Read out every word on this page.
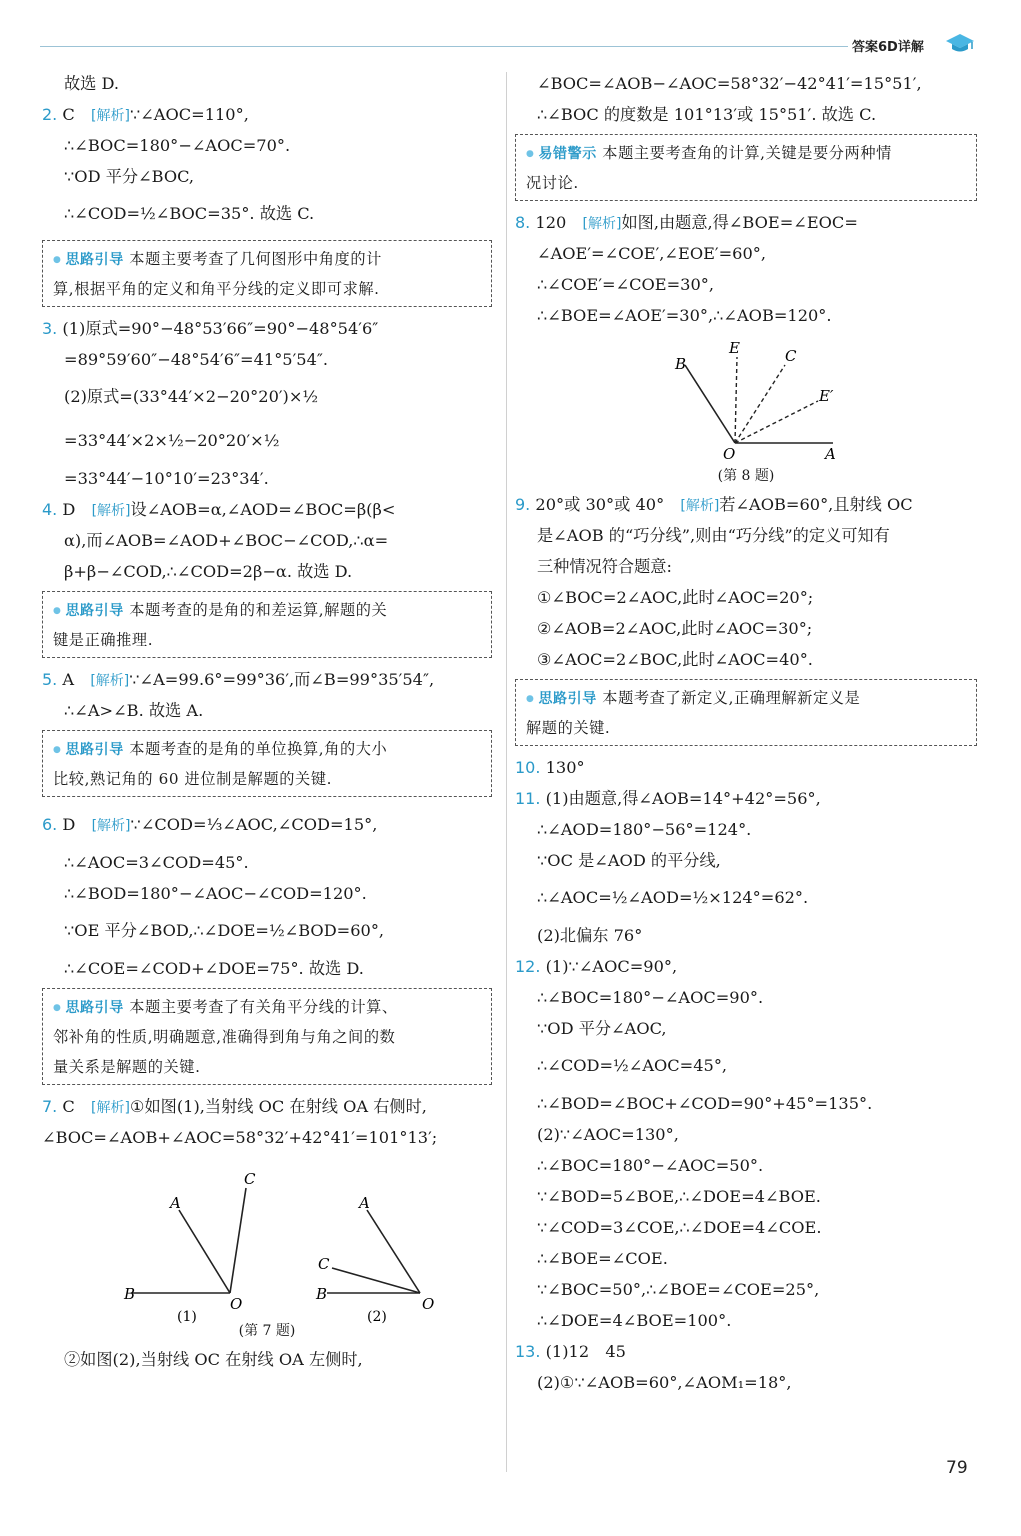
答案6D详解
故选 D.
2. C　 [解析]∵∠AOC=110°,
∴∠BOC=180°−∠AOC=70°.
∵OD 平分∠BOC,
∴∠COD=½∠BOC=35°. 故选 C.
● 思路引导 本题主要考查了几何图形中角度的计
算,根据平角的定义和角平分线的定义即可求解.
3. (1)原式=90°−48°53′66″=90°−48°54′6″
=89°59′60″−48°54′6″=41°5′54″.
(2)原式=(33°44′×2−20°20′)×½
=33°44′×2×½−20°20′×½
=33°44′−10°10′=23°34′.
4. D　 [解析]设∠AOB=α,∠AOD=∠BOC=β(β<
α),而∠AOB=∠AOD+∠BOC−∠COD,∴α=
β+β−∠COD,∴∠COD=2β−α. 故选 D.
● 思路引导 本题考查的是角的和差运算,解题的关
键是正确推理.
5. A　 [解析]∵∠A=99.6°=99°36′,而∠B=99°35′54″,
∴∠A>∠B. 故选 A.
● 思路引导 本题考查的是角的单位换算,角的大小
比较,熟记角的 60 进位制是解题的关键.
6. D　 [解析]∵∠COD=⅓∠AOC,∠COD=15°,
∴∠AOC=3∠COD=45°.
∴∠BOD=180°−∠AOC−∠COD=120°.
∵OE 平分∠BOD,∴∠DOE=½∠BOD=60°,
∴∠COE=∠COD+∠DOE=75°. 故选 D.
● 思路引导 本题主要考查了有关角平分线的计算、
邻补角的性质,明确题意,准确得到角与角之间的数
量关系是解题的关键.
7. C　 [解析]①如图(1),当射线 OC 在射线 OA 右侧时,
∠BOC=∠AOB+∠AOC=58°32′+42°41′=101°13′;
A
C
B
O
A
C
B
O
(1)	(2)
(第 7 题)
②如图(2),当射线 OC 在射线 OA 左侧时,
∠BOC=∠AOB−∠AOC=58°32′−42°41′=15°51′,
∴∠BOC 的度数是 101°13′或 15°51′. 故选 C.
● 易错警示 本题主要考查角的计算,关键是要分两种情
况讨论.
8. 120　 [解析]如图,由题意,得∠BOE=∠EOC=
∠AOE′=∠COE′,∠EOE′=60°,
∴∠COE′=∠COE=30°,
∴∠BOE=∠AOE′=30°,∴∠AOB=120°.
B
E	C
E′
O	A
(第 8 题)
9. 20°或 30°或 40°　 [解析]若∠AOB=60°,且射线 OC
是∠AOB 的“巧分线”,则由“巧分线”的定义可知有
三种情况符合题意:
①∠BOC=2∠AOC,此时∠AOC=20°;
②∠AOB=2∠AOC,此时∠AOC=30°;
③∠AOC=2∠BOC,此时∠AOC=40°.
● 思路引导 本题考查了新定义,正确理解新定义是
解题的关键.
10. 130°
11. (1)由题意,得∠AOB=14°+42°=56°,
∴∠AOD=180°−56°=124°.
∵OC 是∠AOD 的平分线,
∴∠AOC=½∠AOD=½×124°=62°.
(2)北偏东 76°
12. (1)∵∠AOC=90°,
∴∠BOC=180°−∠AOC=90°.
∵OD 平分∠AOC,
∴∠COD=½∠AOC=45°,
∴∠BOD=∠BOC+∠COD=90°+45°=135°.
(2)∵∠AOC=130°,
∴∠BOC=180°−∠AOC=50°.
∵∠BOD=5∠BOE,∴∠DOE=4∠BOE.
∵∠COD=3∠COE,∴∠DOE=4∠COE.
∴∠BOE=∠COE.
∵∠BOC=50°,∴∠BOE=∠COE=25°,
∴∠DOE=4∠BOE=100°.
13. (1)12　45
(2)①∵∠AOB=60°,∠AOM₁=18°,
79
